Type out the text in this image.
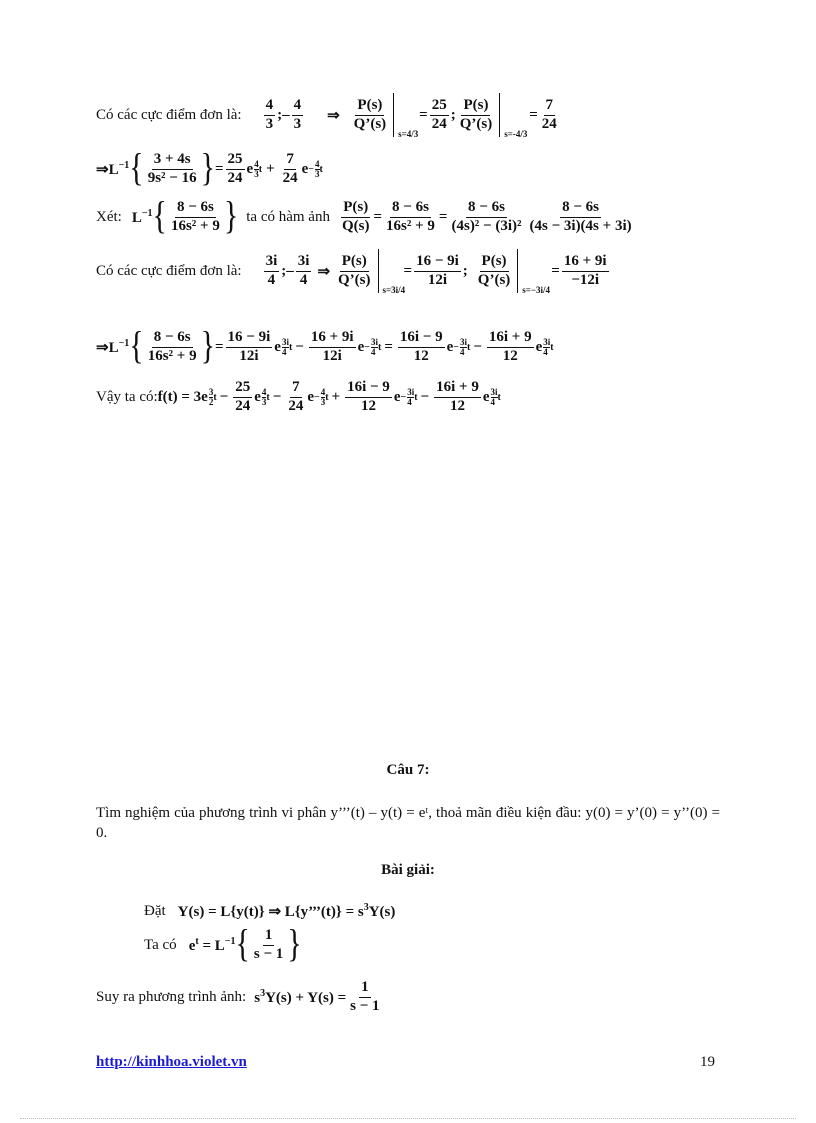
Có các cực điểm đơn là: $\frac{4}{3}$ ;– $\frac{4}{3}$ ⇒ $\frac{P(s)}{Q’(s)}$
s=4/3
= $\frac{25}{24}$ ; $\frac{P(s)}{Q’(s)}$
s=-4/3
= $\frac{7}{24}$
$\Rightarrow L^{-1}$ { $\frac{3 + 4s}{\text{9s² − 16}}$ } = $\frac{25}{24}$ e 4
3 $t + \frac{7}{24}$ $e - \frac{4}{3}$ t
Xét: $L^{-1}$ { $\frac{8 - 6s}{\text{16s² + 9}}$ } ta có hàm ảnh $\frac{P(s)}{Q(s)} = \frac{8 - 6s}{\text{16s² + 9}} = \frac{8 - 6s}{\text{(4s)² − (3i)²}} \frac{8 - 6s}{(4s - 3i)(4s + 3i)}$
Có các cực điểm đơn là: $\frac{3i}{4}$ ;– $\frac{3i}{4}$ ⇒ $\frac{P(s)}{Q’(s)}$
s=3i/4
= $\frac{16 - 9i}{12i}$ ; $\frac{P(s)}{Q’(s)}$
s=−3i/4
= $\frac{16 + 9i}{-12i}$
$\Rightarrow L^{-1}$ { $\frac{8 - 6s}{\text{16s² + 9}}$ } = $\frac{16 - 9i}{12i}$ e 3i
4 $t - \frac{16 + 9i}{12i}$ $e - \frac{3i}{4}$ $t = \frac{16i - 9}{12}$ $e - \frac{3i}{4}$ $t - \frac{16i + 9}{12}$ e 3i
4 t
Vậy ta có: f(t) = 3e 3
2 $t - \frac{25}{24}$ e 4
3 $t - \frac{7}{24}$ $e - \frac{4}{3}$ $t + \frac{16i - 9}{12}$ $e - \frac{3i}{4}$ $t - \frac{16i + 9}{12}$ e 3i
4 t
Câu 7:
Tìm nghiệm của phương trình vi phân y’’’(t) – y(t) = eᵗ, thoả mãn điều kiện đầu: y(0) = y’(0) = y’’(0) = 0.
Bài giải:
Đặt Y(s) = L{y(t)} ⇒ L{y’’’(t)} = $s^3Y(s)$
Ta có $e^t = L^{-1}$ { $\frac{1}{s - 1}$ }
Suy ra phương trình ảnh: $s^3Y(s) + Y(s) = \frac{1}{s - 1}$
http://kinhhoa.violet.vn	19
